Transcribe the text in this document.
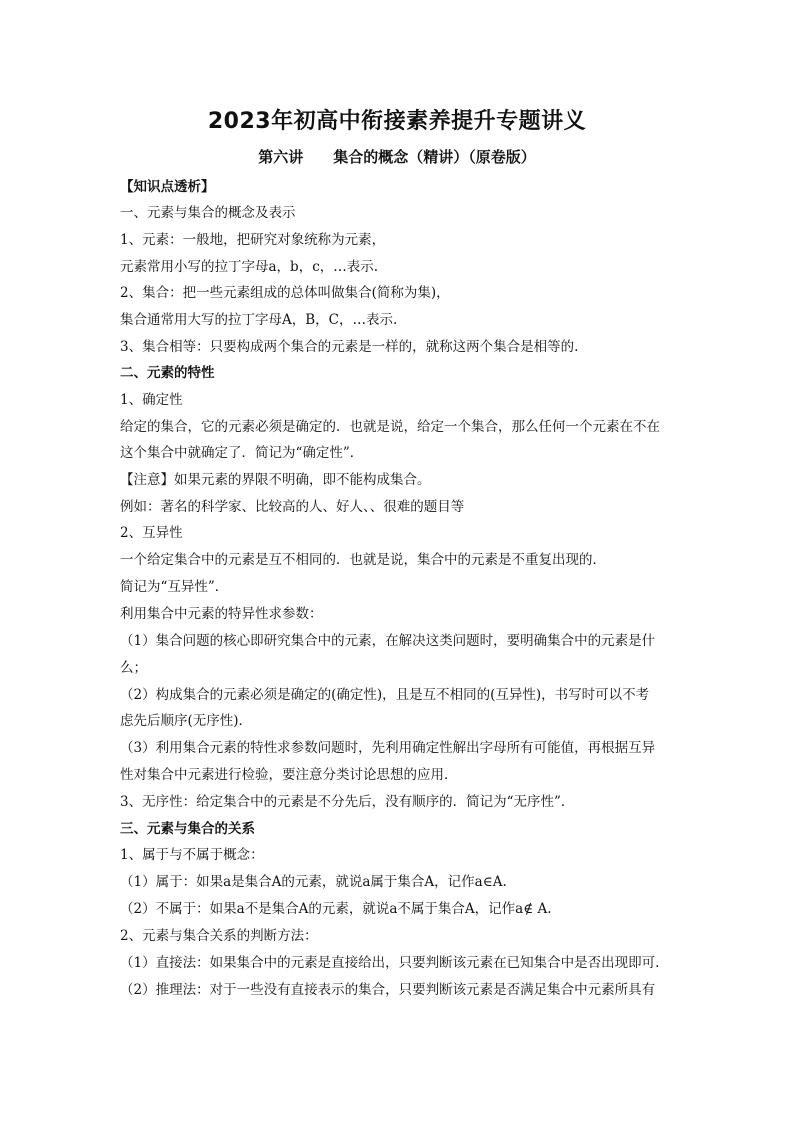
2023年初高中衔接素养提升专题讲义
第六讲 集合的概念（精讲）（原卷版）
【知识点透析】
一、元素与集合的概念及表示
1、元素：一般地，把研究对象统称为元素，
元素常用小写的拉丁字母a，b，c，…表示.
2、集合：把一些元素组成的总体叫做集合(简称为集)，
集合通常用大写的拉丁字母A，B，C，…表示.
3、集合相等：只要构成两个集合的元素是一样的，就称这两个集合是相等的.
二、元素的特性
1、确定性
给定的集合，它的元素必须是确定的．也就是说，给定一个集合，那么任何一个元素在不在
这个集合中就确定了．简记为“确定性”．
【注意】如果元素的界限不明确，即不能构成集合。
例如：著名的科学家、比较高的人、好人、、很难的题目等
2、互异性
一个给定集合中的元素是互不相同的．也就是说，集合中的元素是不重复出现的．
简记为“互异性”．
利用集合中元素的特异性求参数：
（1）集合问题的核心即研究集合中的元素，在解决这类问题时，要明确集合中的元素是什
么；
（2）构成集合的元素必须是确定的(确定性)，且是互不相同的(互异性)，书写时可以不考
虑先后顺序(无序性)．
（3）利用集合元素的特性求参数问题时，先利用确定性解出字母所有可能值，再根据互异
性对集合中元素进行检验，要注意分类讨论思想的应用．
3、无序性：给定集合中的元素是不分先后，没有顺序的．简记为“无序性”．
三、元素与集合的关系
1、属于与不属于概念：
（1）属于：如果a是集合A的元素，就说a属于集合A，记作a∈A.
（2）不属于：如果a不是集合A的元素，就说a不属于集合A，记作a∉ A.
2、元素与集合关系的判断方法：
（1）直接法：如果集合中的元素是直接给出，只要判断该元素在已知集合中是否出现即可.
（2）推理法：对于一些没有直接表示的集合，只要判断该元素是否满足集合中元素所具有
